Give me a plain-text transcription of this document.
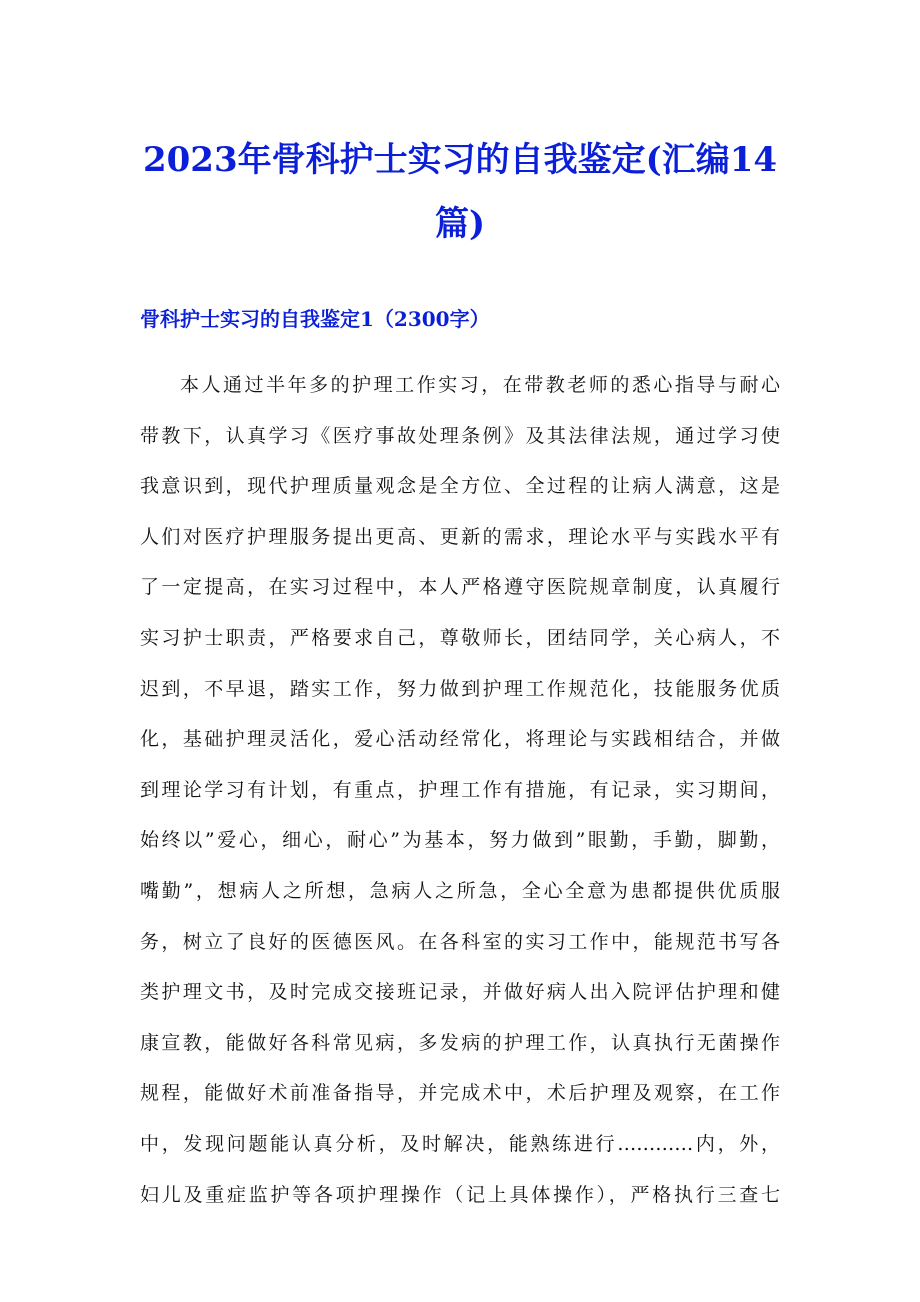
2023年骨科护士实习的自我鉴定(汇编14篇)
骨科护士实习的自我鉴定1（2300字）
本人通过半年多的护理工作实习，在带教老师的悉心指导与耐心
带教下，认真学习《医疗事故处理条例》及其法律法规，通过学习使
我意识到，现代护理质量观念是全方位、全过程的让病人满意，这是
人们对医疗护理服务提出更高、更新的需求，理论水平与实践水平有
了一定提高，在实习过程中，本人严格遵守医院规章制度，认真履行
实习护士职责，严格要求自己，尊敬师长，团结同学，关心病人，不
迟到，不早退，踏实工作，努力做到护理工作规范化，技能服务优质
化，基础护理灵活化，爱心活动经常化，将理论与实践相结合，并做
到理论学习有计划，有重点，护理工作有措施，有记录，实习期间，
始终以”爱心，细心，耐心”为基本，努力做到”眼勤，手勤，脚勤，
嘴勤”，想病人之所想，急病人之所急，全心全意为患都提供优质服
务，树立了良好的医德医风。在各科室的实习工作中，能规范书写各
类护理文书，及时完成交接班记录，并做好病人出入院评估护理和健
康宣教，能做好各科常见病，多发病的护理工作，认真执行无菌操作
规程，能做好术前准备指导，并完成术中，术后护理及观察，在工作
中，发现问题能认真分析，及时解决，能熟练进行…………内，外，
妇儿及重症监护等各项护理操作（记上具体操作），严格执行三查七
